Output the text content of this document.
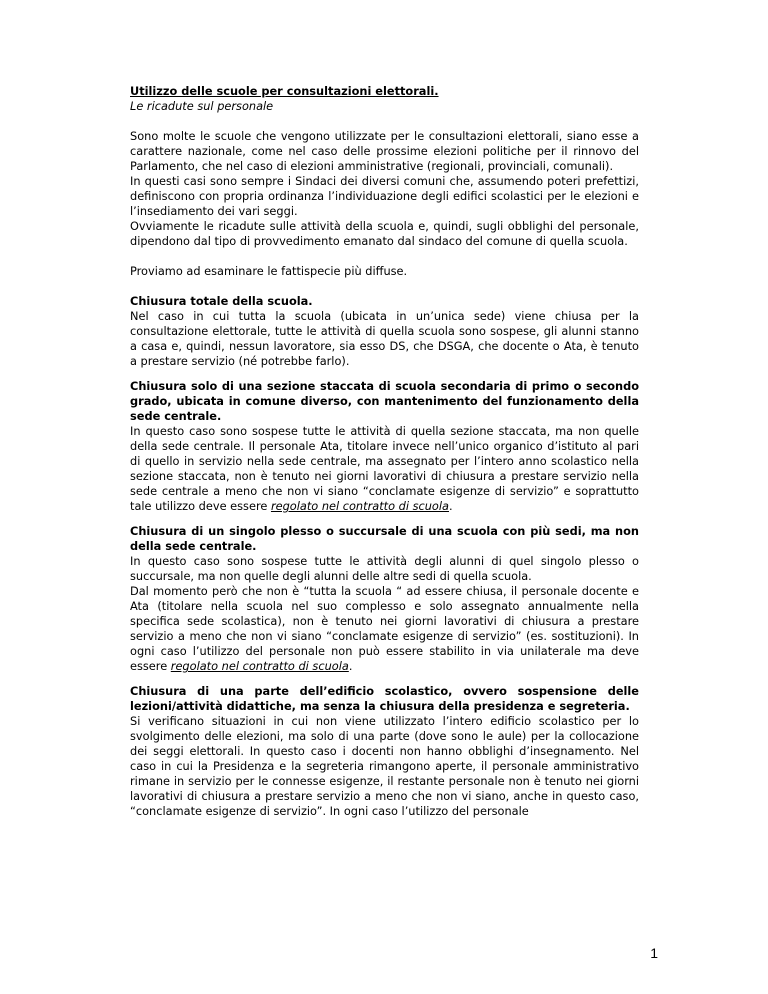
Utilizzo delle scuole per consultazioni elettorali.

Le ricadute sul personale

Sono molte le scuole che vengono utilizzate per le consultazioni elettorali, siano esse a carattere nazionale, come nel caso delle prossime elezioni politiche per il rinnovo del Parlamento, che nel caso di elezioni amministrative (regionali, provinciali, comunali).

In questi casi sono sempre i Sindaci dei diversi comuni che, assumendo poteri prefettizi, definiscono con propria ordinanza l’individuazione degli edifici scolastici per le elezioni e l’insediamento dei vari seggi.

Ovviamente le ricadute sulle attività della scuola e, quindi, sugli obblighi del personale, dipendono dal tipo di provvedimento emanato dal sindaco del comune di quella scuola.

Proviamo ad esaminare le fattispecie più diffuse.

Chiusura totale della scuola.

Nel caso in cui tutta la scuola (ubicata in un’unica sede) viene chiusa per la consultazione elettorale, tutte le attività di quella scuola sono sospese, gli alunni stanno a casa e, quindi, nessun lavoratore, sia esso DS, che DSGA, che docente o Ata, è tenuto a prestare servizio (né potrebbe farlo).

Chiusura solo di una sezione staccata di scuola secondaria di primo o secondo grado, ubicata in comune diverso, con mantenimento del funzionamento della sede centrale.

In questo caso sono sospese tutte le attività di quella sezione staccata, ma non quelle della sede centrale. Il personale Ata, titolare invece nell’unico organico d’istituto al pari di quello in servizio nella sede centrale, ma assegnato per l’intero anno scolastico nella sezione staccata, non è tenuto nei giorni lavorativi di chiusura a prestare servizio nella sede centrale a meno che non vi siano “conclamate esigenze di servizio” e soprattutto tale utilizzo deve essere regolato nel contratto di scuola.

Chiusura di un singolo plesso o succursale di una scuola con più sedi, ma non della sede centrale.

In questo caso sono sospese tutte le attività degli alunni di quel singolo plesso o succursale, ma non quelle degli alunni delle altre sedi di quella scuola.

Dal momento però che non è “tutta la scuola “ ad essere chiusa, il personale docente e Ata (titolare nella scuola nel suo complesso e solo assegnato annualmente nella specifica sede scolastica), non è tenuto nei giorni lavorativi di chiusura a prestare servizio a meno che non vi siano “conclamate esigenze di servizio” (es. sostituzioni). In ogni caso l’utilizzo del personale non può essere stabilito in via unilaterale ma deve essere regolato nel contratto di scuola.

Chiusura di una parte dell’edificio scolastico, ovvero sospensione delle lezioni/attività didattiche, ma senza la chiusura della presidenza e segreteria.

Si verificano situazioni in cui non viene utilizzato l’intero edificio scolastico per lo svolgimento delle elezioni, ma solo di una parte (dove sono le aule) per la collocazione dei seggi elettorali. In questo caso i docenti non hanno obblighi d’insegnamento. Nel caso in cui la Presidenza e la segreteria rimangono aperte, il personale amministrativo rimane in servizio per le connesse esigenze, il restante personale non è tenuto nei giorni lavorativi di chiusura a prestare servizio a meno che non vi siano, anche in questo caso, “conclamate esigenze di servizio”. In ogni caso l’utilizzo del personale

1
